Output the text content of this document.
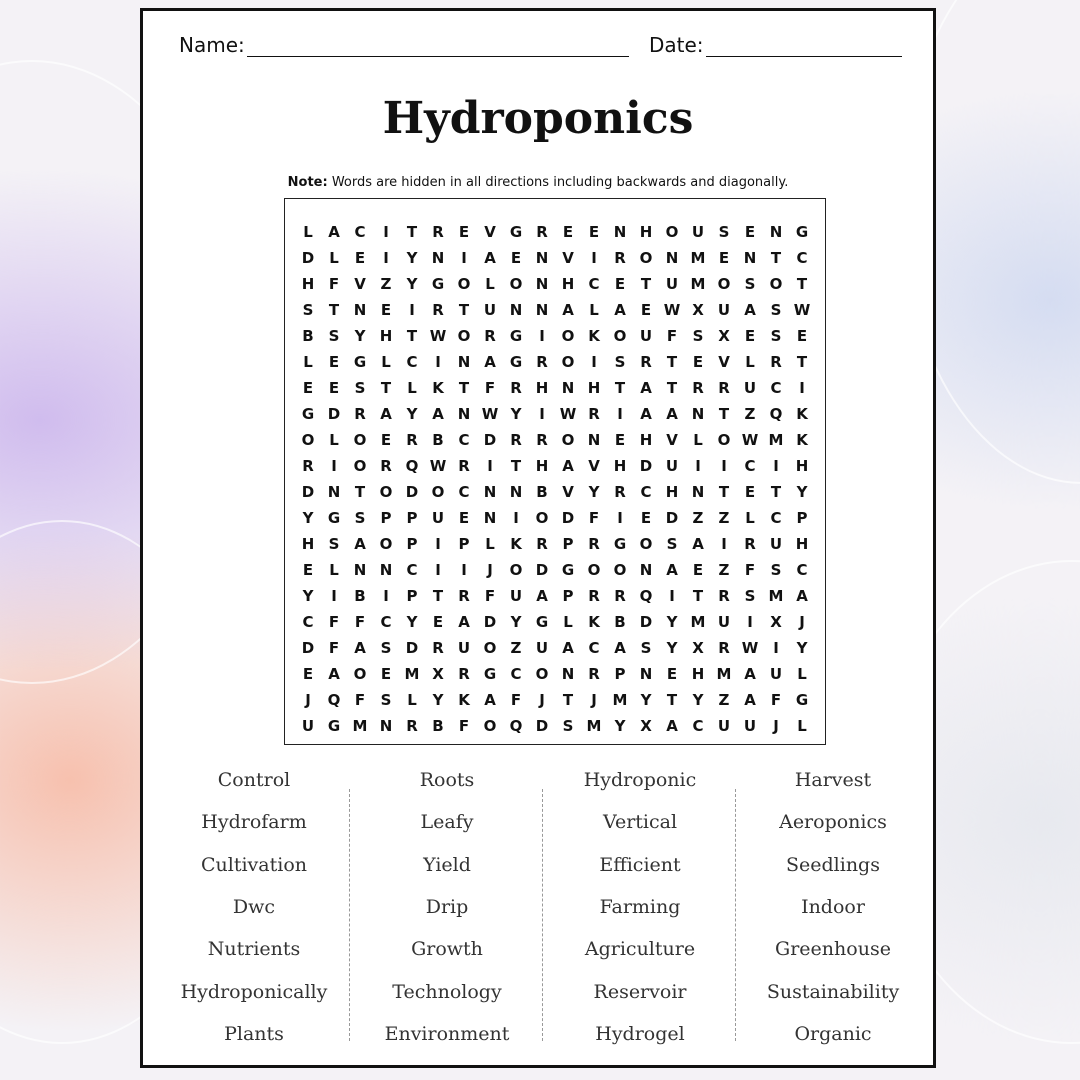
Name:	Date:
Hydroponics
Note: Words are hidden in all directions including backwards and diagonally.
L	A C	I	T	R	E	V G R	E	E N H O U S	E N G
D	L	E	I	Y N	I	A	E N V	I	R O N M E N T	C
H F	V Z	Y G O L O N H C	E	T U M O S O T
S	T N E	I	R	T U N N A	L	A	E W X U A S W
B S	Y H T W O R G	I	O K O U F	S X	E	S	E
L	E G	L	C	I	N A G R O	I	S R	T	E	V	L	R	T
E	E	S	T	L	K	T	F	R H N H T	A	T	R R U C	I
G D R A Y A N W Y	I W R	I	A A N T	Z Q K
O L O E	R B C D R R O N E H V	L O W M K
R	I	O R Q W R	I	T H A V H D U	I	I	C	I	H
D N T O D O C N N B V Y R C H N T	E	T	Y
Y G S	P	P U E N	I	O D F	I	E D Z	Z	L	C	P
H S A O P	I	P	L	K R P R G O S A	I	R U H
E	L N N C	I	I	J	O D G O O N A	E	Z	F	S	C
Y	I	B	I	P	T	R	F U A P R R Q	I	T	R S M A
C	F	F	C	Y	E	A D Y G	L	K B D Y M U	I	X	J
D F	A S D R U O Z U A C A S	Y X R W I	Y
E	A O E M X R G C O N R P N E H M A U	L
J	Q F	S	L	Y K A	F	J	T	J	M Y	T	Y	Z A	F G
U G M N R B	F O Q D S M Y X A C U U	J	L
Control
Hydrofarm
Cultivation
Dwc
Nutrients
Hydroponically
Plants
Roots
Leafy
Yield
Drip
Growth
Technology
Environment
Hydroponic
Vertical
Efficient
Farming
Agriculture
Reservoir
Hydrogel
Harvest
Aeroponics
Seedlings
Indoor
Greenhouse
Sustainability
Organic
